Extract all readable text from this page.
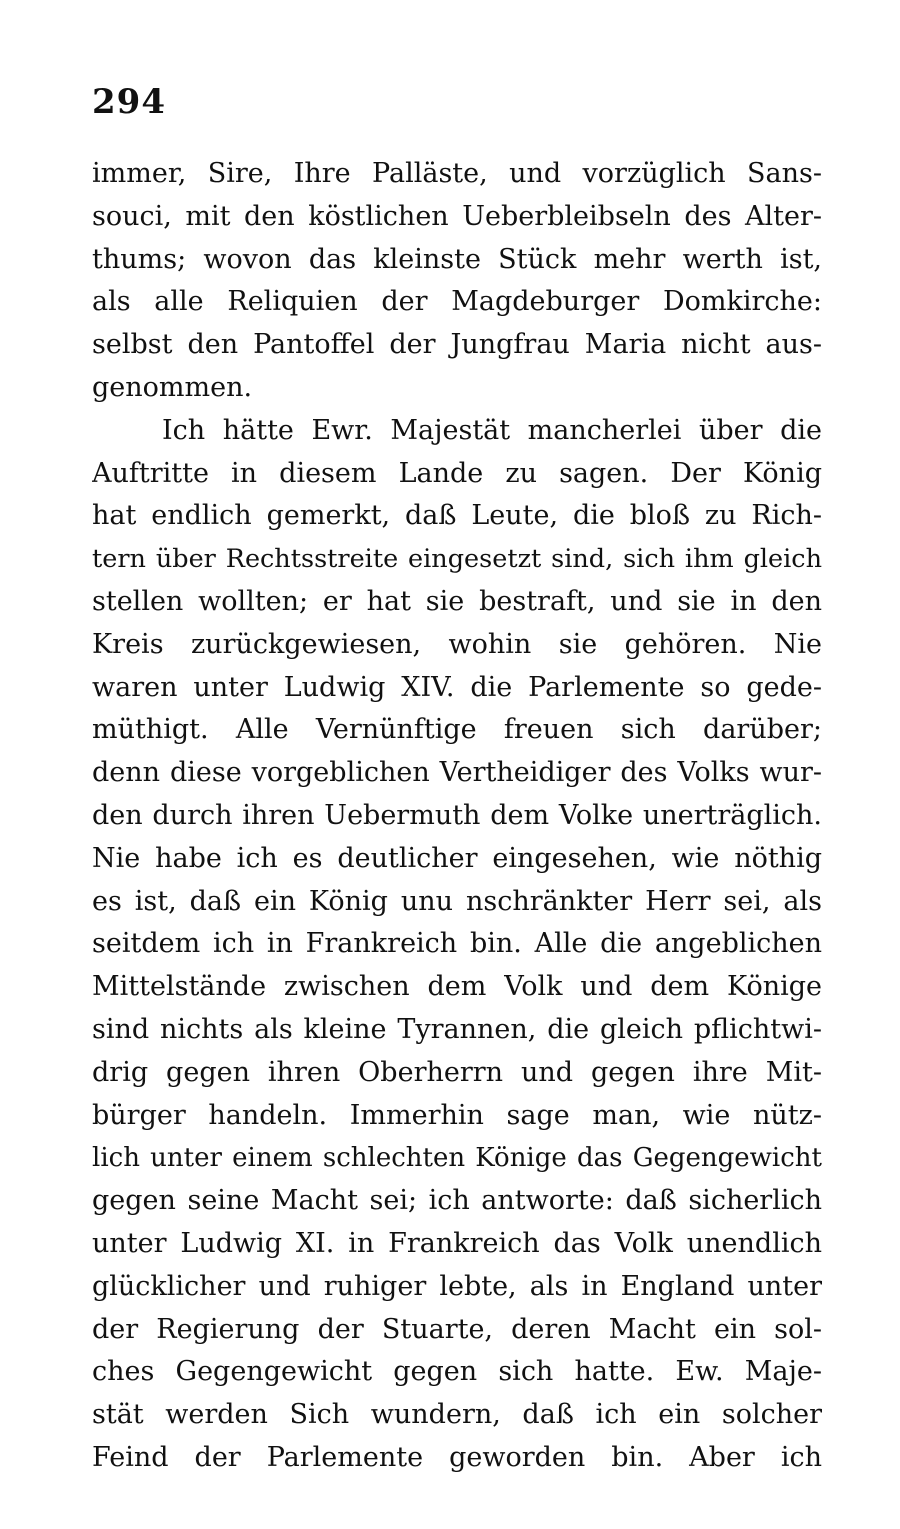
294
immer, Sire, Ihre Palläste, und vorzüglich Sans-
souci, mit den köstlichen Ueberbleibseln des Alter-
thums; wovon das kleinste Stück mehr werth ist,
als alle Reliquien der Magdeburger Domkirche:
selbst den Pantoffel der Jungfrau Maria nicht aus-
genommen.
Ich hätte Ewr. Majestät mancherlei über die
Auftritte in diesem Lande zu sagen. Der König
hat endlich gemerkt, daß Leute, die bloß zu Rich-
tern über Rechtsstreite eingesetzt sind, sich ihm gleich
stellen wollten; er hat sie bestraft, und sie in den
Kreis zurückgewiesen, wohin sie gehören. Nie
waren unter Ludwig XIV. die Parlemente so gede-
müthigt. Alle Vernünftige freuen sich darüber;
denn diese vorgeblichen Vertheidiger des Volks wur-
den durch ihren Uebermuth dem Volke unerträglich.
Nie habe ich es deutlicher eingesehen, wie nöthig
es ist, daß ein König unu nschränkter Herr sei, als
seitdem ich in Frankreich bin. Alle die angeblichen
Mittelstände zwischen dem Volk und dem Könige
sind nichts als kleine Tyrannen, die gleich pflichtwi-
drig gegen ihren Oberherrn und gegen ihre Mit-
bürger handeln. Immerhin sage man, wie nütz-
lich unter einem schlechten Könige das Gegengewicht
gegen seine Macht sei; ich antworte: daß sicherlich
unter Ludwig XI. in Frankreich das Volk unendlich
glücklicher und ruhiger lebte, als in England unter
der Regierung der Stuarte, deren Macht ein sol-
ches Gegengewicht gegen sich hatte. Ew. Maje-
stät werden Sich wundern, daß ich ein solcher
Feind der Parlemente geworden bin. Aber ich
